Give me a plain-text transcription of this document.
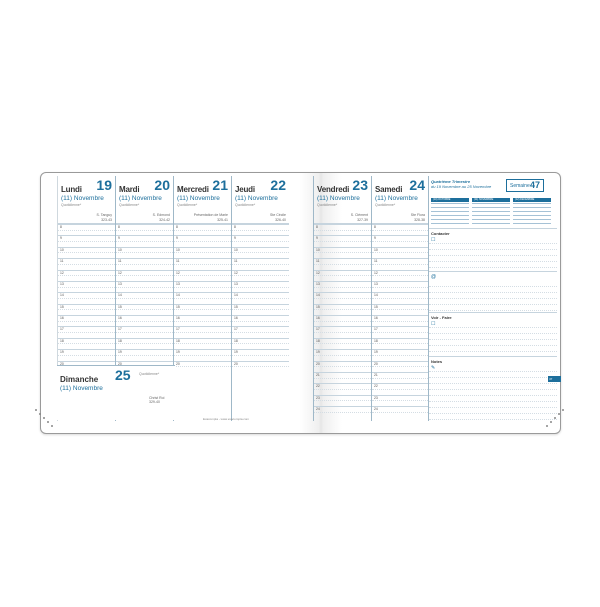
Lundi 19
(11) Novembre
Quotidienne*
S. Tanguy
323-43
8
9
10
11
12
13
14
15
16
17
18
19
20
Mardi 20
(11) Novembre
Quotidienne*
S. Edmond
324-42
8
9
10
11
12
13
14
15
16
17
18
19
20
Mercredi 21
(11) Novembre
Quotidienne*
Présentation de Marie
325-41
8
9
10
11
12
13
14
15
16
17
18
19
20
Jeudi 22
(11) Novembre
Quotidienne*
Ste Cécile
326-40
8
9
10
11
12
13
14
15
16
17
18
19
20
Vendredi 23
(11) Novembre
Quotidienne*
S. Clément
327-39
8
9
10
11
12
13
14
15
16
17
18
19
20
21
22
23
24
Samedi 24
(11) Novembre
Quotidienne*
Ste Flora
328-38
8
9
10
11
12
13
14
15
16
17
18
19
20
21
22
23
24
Dimanche 25
(11) Novembre
Quotidienne*
Christ Roi
329-40
Exacompta - www.exacompta.com
Quatrième Trimestre
du 19 Novembre au 25 Novembre	Semaine 47
(10) OCTOBRE	(11) NOVEMBRE	(12) DÉCEMBRE
Contacter
☐
@
Voir - Faire
☐
Notes
✎
47
